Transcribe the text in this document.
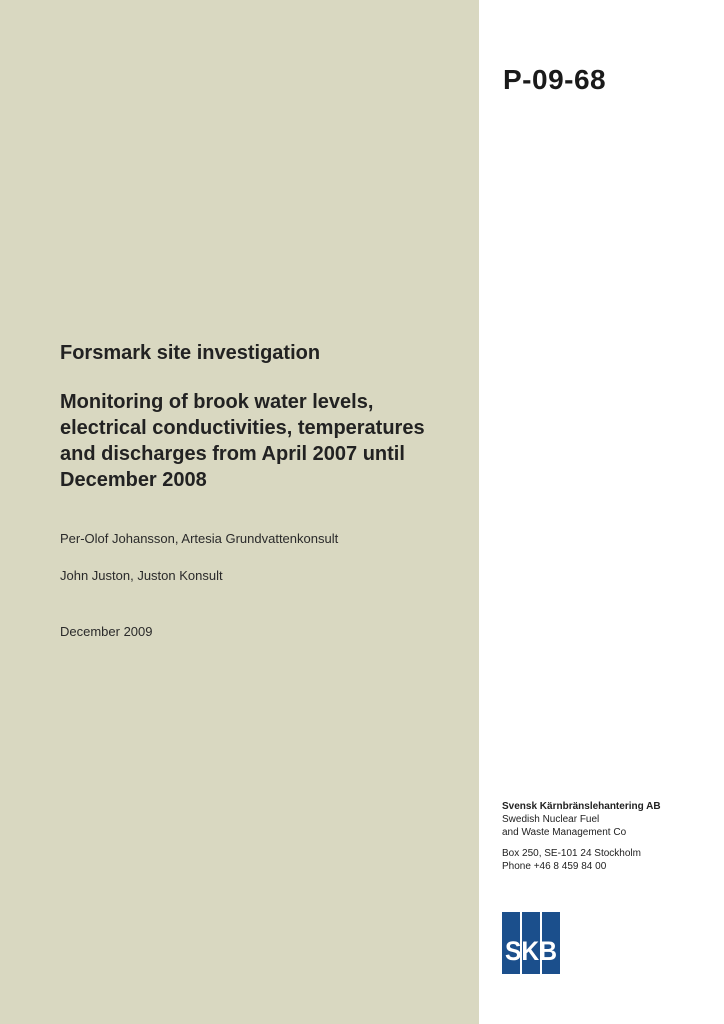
P-09-68
Forsmark site investigation
Monitoring of brook water levels,
electrical conductivities, temperatures
and discharges from April 2007 until
December 2008

Per-Olof Johansson, Artesia Grundvattenkonsult

John Juston, Juston Konsult

December 2009

Svensk Kärnbränslehantering AB
Swedish Nuclear Fuel
and Waste Management Co
Box 250, SE-101 24 Stockholm
Phone +46 8 459 84 00
SKB
